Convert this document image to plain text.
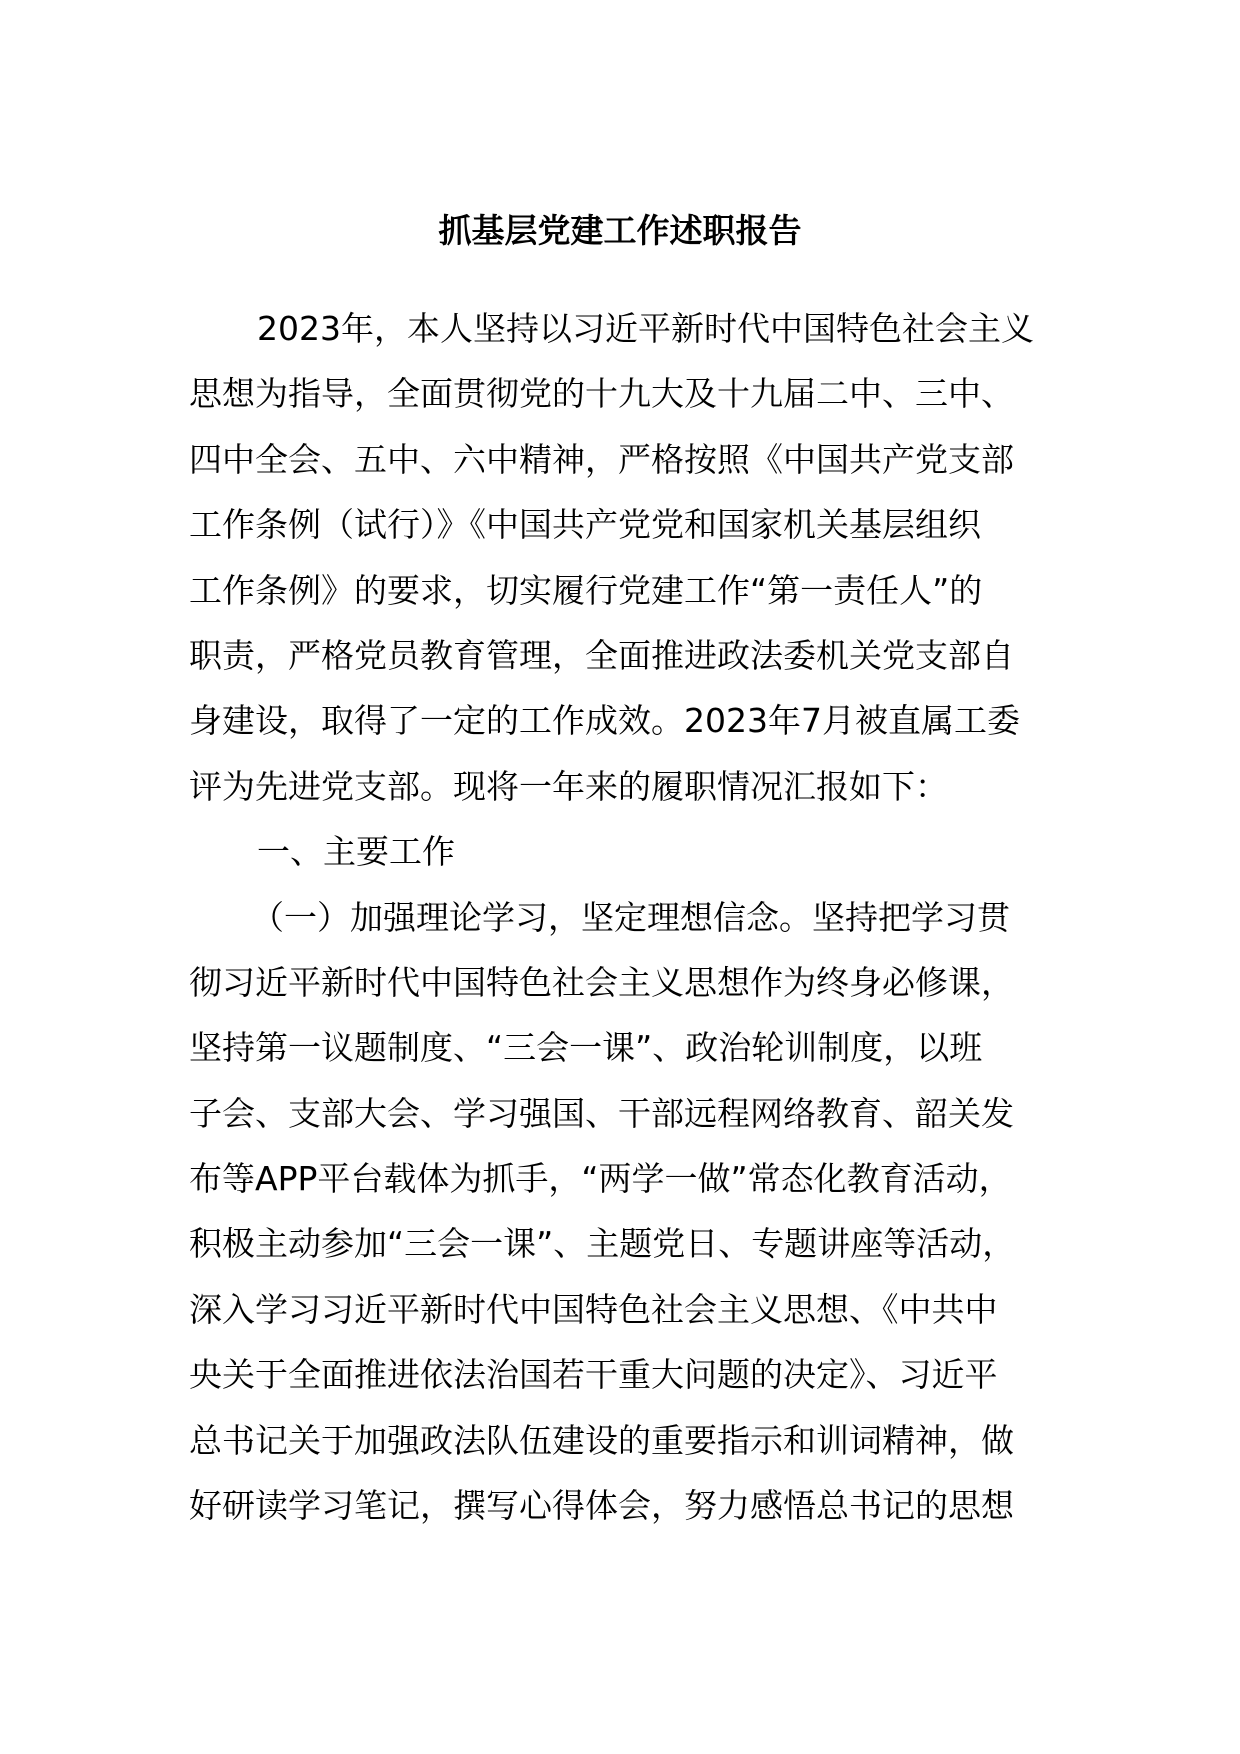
抓基层党建工作述职报告
2023年，本人坚持以习近平新时代中国特色社会主义
思想为指导，全面贯彻党的十九大及十九届二中、三中、
四中全会、五中、六中精神，严格按照《中国共产党支部
工作条例（试行）》《中国共产党党和国家机关基层组织
工作条例》的要求，切实履行党建工作“第一责任人”的
职责，严格党员教育管理，全面推进政法委机关党支部自
身建设，取得了一定的工作成效。2023年7月被直属工委
评为先进党支部。现将一年来的履职情况汇报如下：
一、主要工作
（一）加强理论学习，坚定理想信念。坚持把学习贯
彻习近平新时代中国特色社会主义思想作为终身必修课，
坚持第一议题制度、“三会一课”、政治轮训制度，以班
子会、支部大会、学习强国、干部远程网络教育、韶关发
布等APP平台载体为抓手，“两学一做”常态化教育活动，
积极主动参加“三会一课”、主题党日、专题讲座等活动，
深入学习习近平新时代中国特色社会主义思想、《中共中
央关于全面推进依法治国若干重大问题的决定》、习近平
总书记关于加强政法队伍建设的重要指示和训词精神，做
好研读学习笔记，撰写心得体会，努力感悟总书记的思想
